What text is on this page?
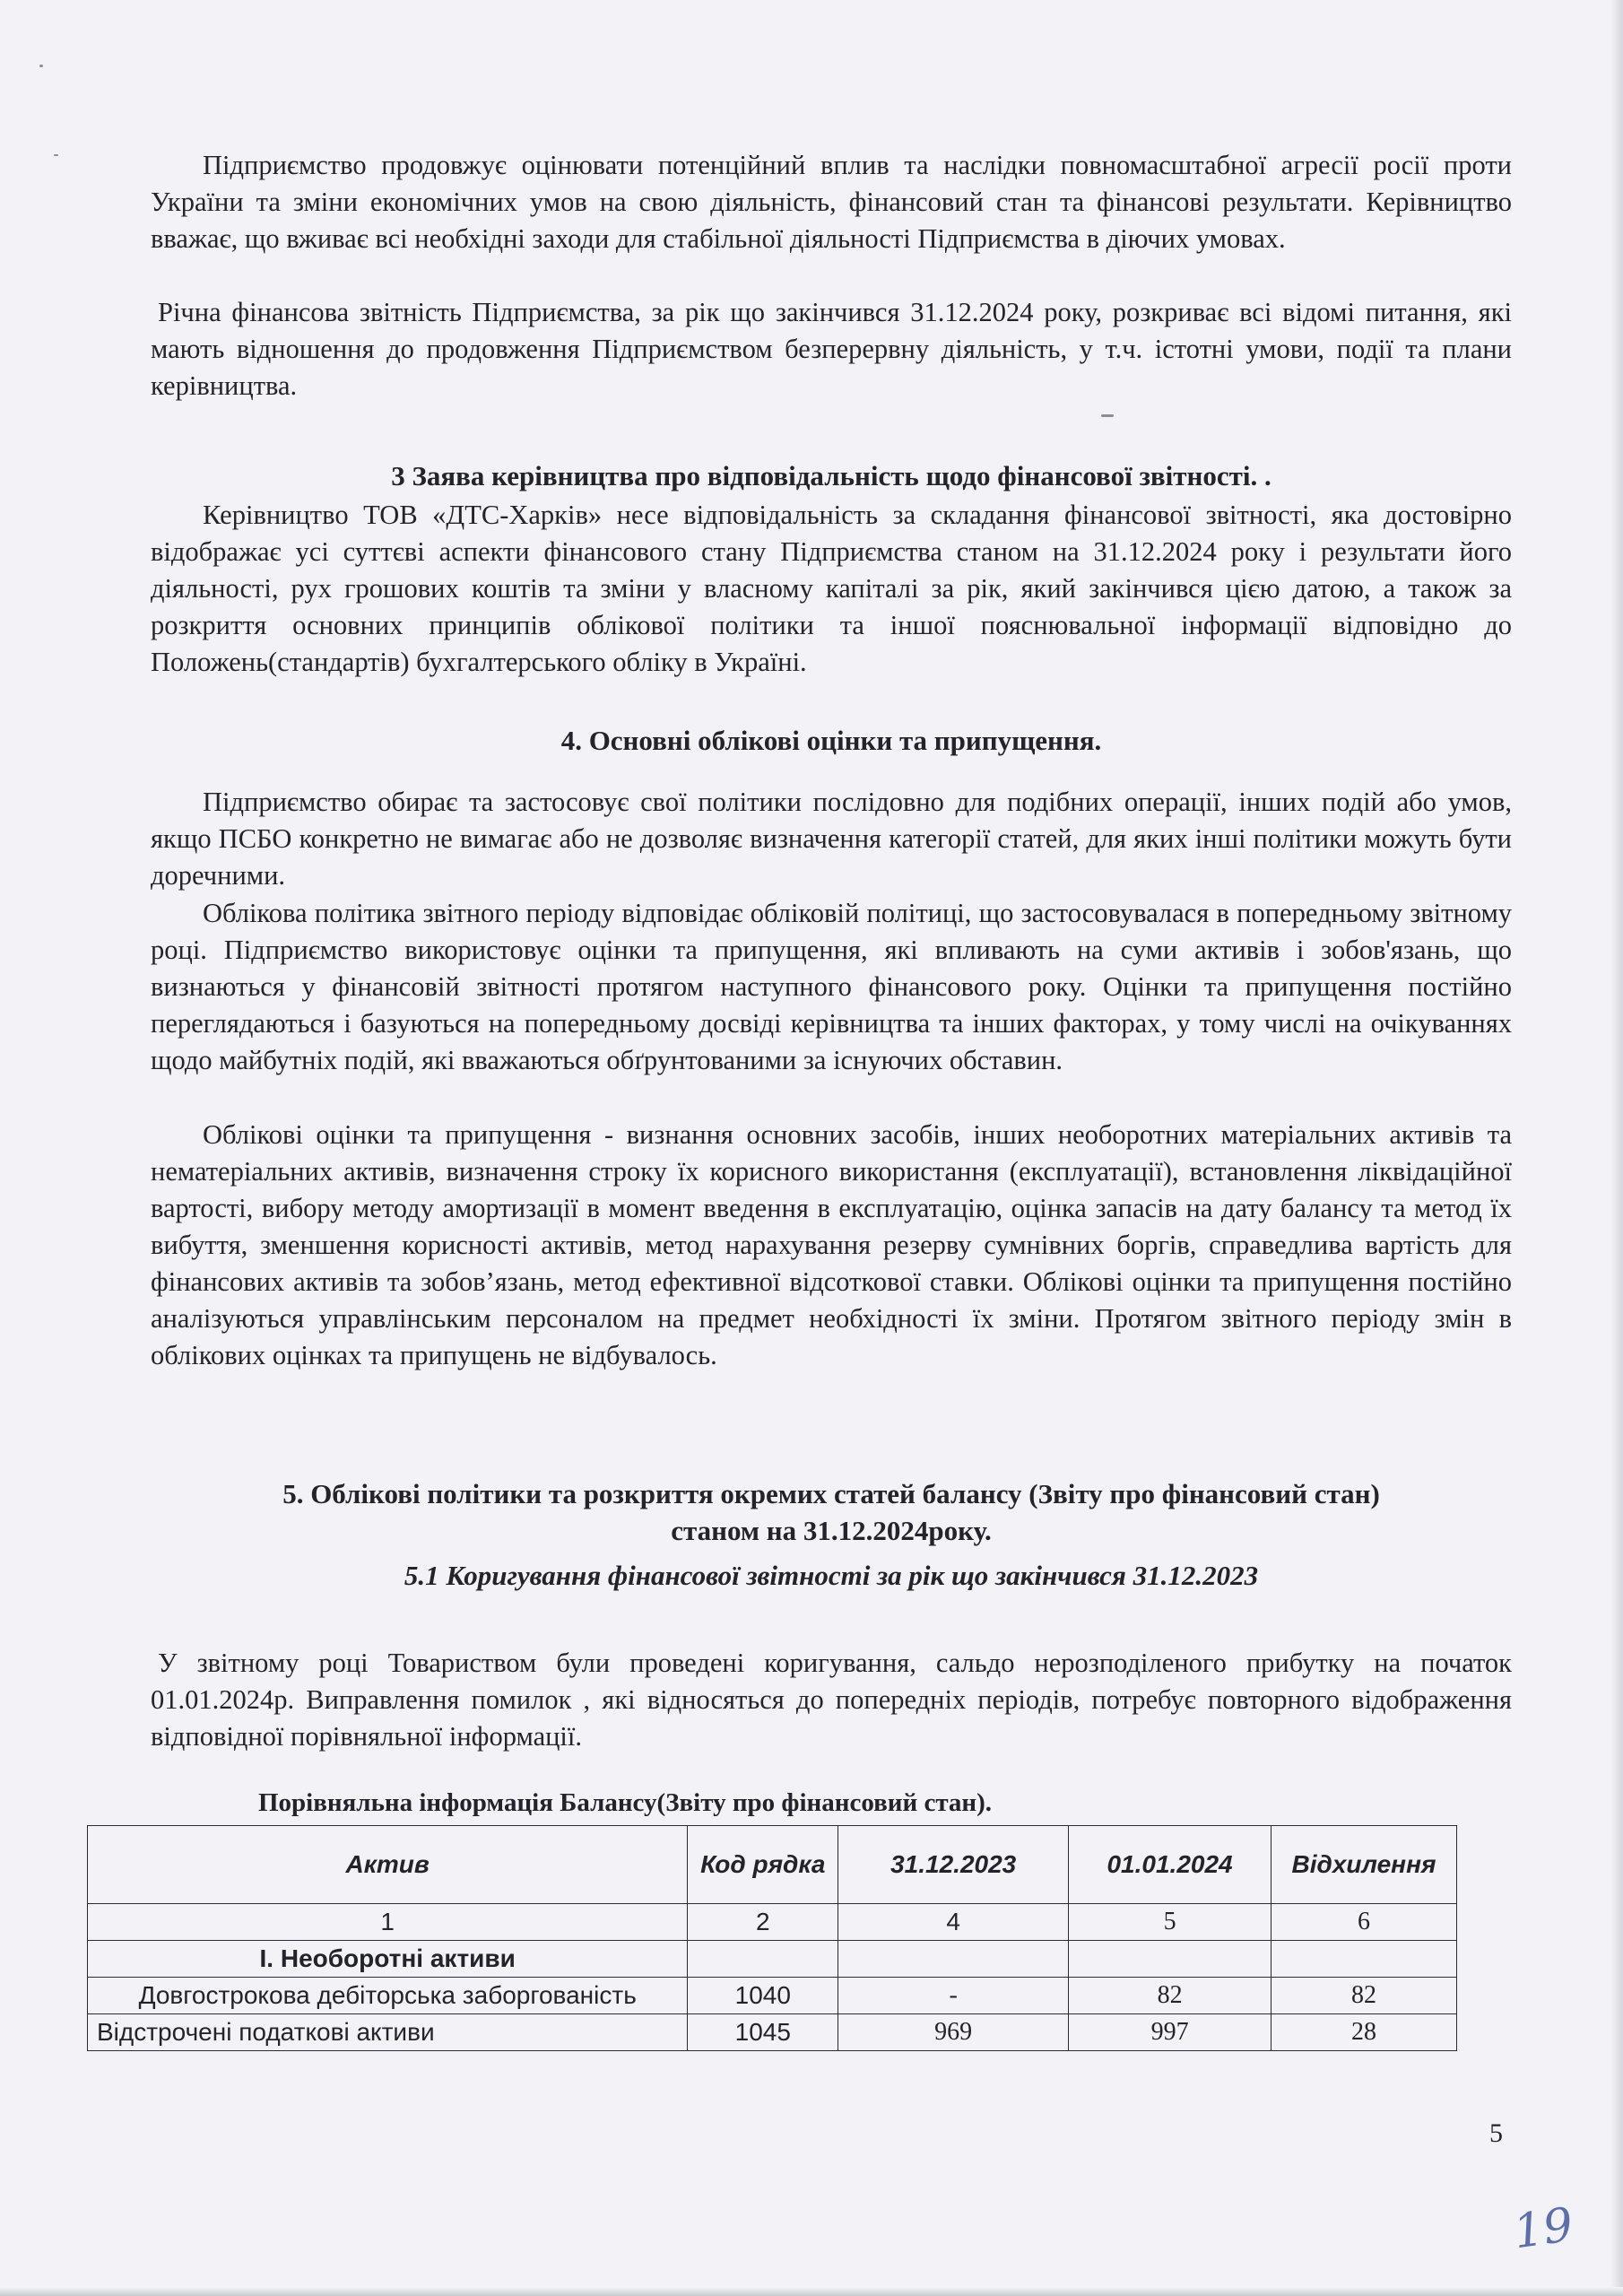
Підприємство продовжує оцінювати потенційний вплив та наслідки повномасштабної агресії росії проти України та зміни економічних умов на свою діяльність, фінансовий стан та фінансові результати. Керівництво вважає, що вживає всі необхідні заходи для стабільної діяльності Підприємства в діючих умовах.

Річна фінансова звітність Підприємства, за рік що закінчився 31.12.2024 року, розкриває всі відомі питання, які мають відношення до продовження Підприємством безперервну діяльність, у т.ч. істотні умови, події та плани керівництва.

3 Заява керівництва про відповідальність щодо фінансової звітності. .

Керівництво ТОВ «ДТС-Харків» несе відповідальність за складання фінансової звітності, яка достовірно відображає усі суттєві аспекти фінансового стану Підприємства станом на 31.12.2024 року і результати його діяльності, рух грошових коштів та зміни у власному капіталі за рік, який закінчився цією датою, а також за розкриття основних принципів облікової політики та іншої пояснювальної інформації відповідно до Положень(стандартів) бухгалтерського обліку в Україні.

4. Основні облікові оцінки та припущення.

Підприємство обирає та застосовує свої політики послідовно для подібних операції, інших подій або умов, якщо ПСБО конкретно не вимагає або не дозволяє визначення категорії статей, для яких інші політики можуть бути доречними.

Облікова політика звітного періоду відповідає обліковій політиці, що застосовувалася в попередньому звітному році. Підприємство використовує оцінки та припущення, які впливають на суми активів і зобов'язань, що визнаються у фінансовій звітності протягом наступного фінансового року. Оцінки та припущення постійно переглядаються і базуються на попередньому досвіді керівництва та інших факторах, у тому числі на очікуваннях щодо майбутніх подій, які вважаються обґрунтованими за існуючих обставин.

Облікові оцінки та припущення - визнання основних засобів, інших необоротних матеріальних активів та нематеріальних активів, визначення строку їх корисного використання (експлуатації), встановлення ліквідаційної вартості, вибору методу амортизації в момент введення в експлуатацію, оцінка запасів на дату балансу та метод їх вибуття, зменшення корисності активів, метод нарахування резерву сумнівних боргів, справедлива вартість для фінансових активів та зобов’язань, метод ефективної відсоткової ставки. Облікові оцінки та припущення постійно аналізуються управлінським персоналом на предмет необхідності їх зміни. Протягом звітного періоду змін в облікових оцінках та припущень не відбувалось.

5. Облікові політики та розкриття окремих статей балансу (Звіту про фінансовий стан)

станом на 31.12.2024року.

5.1 Коригування фінансової звітності за рік що закінчився 31.12.2023

У звітному році Товариством були проведені коригування, сальдо нерозподіленого прибутку на початок 01.01.2024р. Виправлення помилок , які відносяться до попередніх періодів, потребує повторного відображення відповідної порівняльної інформації.

Порівняльна інформація Балансу(Звіту про фінансовий стан).

Актив	Код рядка	31.12.2023	01.01.2024	Відхилення
1	2	4	5	6
І. Необоротні активи				
Довгострокова дебіторська заборгованість	1040	-	82	82
Відстрочені податкові активи	1045	969	997	28

5

19
